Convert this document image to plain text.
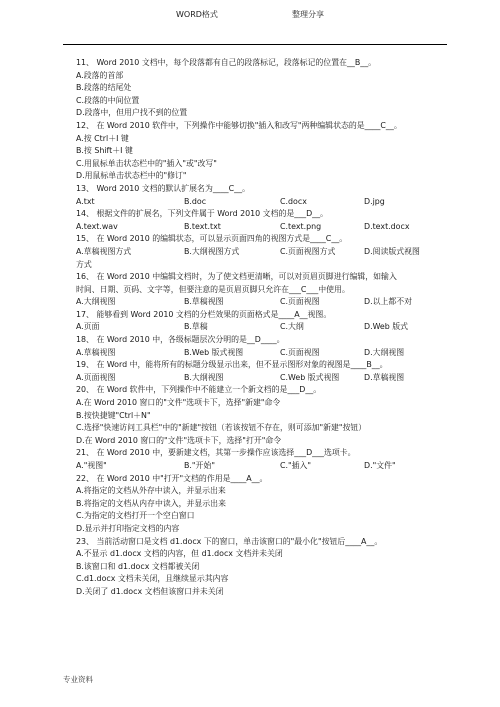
WORD格式	整理分享
11、 Word 2010 文档中，每个段落都有自己的段落标记，段落标记的位置在__B__。
A.段落的首部
B.段落的结尾处
C.段落的中间位置
D.段落中，但用户找不到的位置
12、 在 Word 2010 软件中，下列操作中能够切换"插入和改写"两种编辑状态的是____C__。
A.按 Ctrl＋I 键
B.按 Shift＋I 键
C.用鼠标单击状态栏中的"插入"或"改写"
D.用鼠标单击状态栏中的"修订"
13、 Word 2010 文档的默认扩展名为____C__。
A.txt	B.doc	C.docx	D.jpg
14、 根据文件的扩展名，下列文件属于 Word 2010 文档的是___D__。
A.text.wav	B.text.txt	C.text.png	D.text.docx
15、 在 Word 2010 的编辑状态，可以显示页面四角的视图方式是____C__。
A.草稿视图方式	B.大纲视图方式	C.页面视图方式	D.阅读版式视图
方式
16、 在 Word 2010 中编辑文档时，为了使文档更清晰，可以对页眉页脚进行编辑，如输入
时间、日期、页码、文字等，但要注意的是页眉页脚只允许在___C___中使用。
A.大纲视图	B.草稿视图	C.页面视图	D.以上都不对
17、 能够看到 Word 2010 文档的分栏效果的页面格式是____A__视图。
A.页面	B.草稿	C.大纲	D.Web 版式
18、 在 Word 2010 中，各级标题层次分明的是__D____。
A.草稿视图	B.Web 版式视图	C.页面视图	D.大纲视图
19、 在 Word 中，能将所有的标题分级显示出来，但不显示图形对象的视图是____B__。
A.页面视图	B.大纲视图	C.Web 版式视图	D.草稿视图
20、 在 Word 软件中，下列操作中不能建立一个新文档的是___D__。
A.在 Word 2010 窗口的"文件"选项卡下，选择"新建"命令
B.按快捷键"Ctrl＋N"
C.选择"快速访问工具栏"中的"新建"按钮（若该按钮不存在，则可添加"新建"按钮）
D.在 Word 2010 窗口的"文件"选项卡下，选择"打开"命令
21、 在 Word 2010 中，要新建文档，其第一步操作应该选择___D___选项卡。
A."视图"	B."开始"	C."插入"	D."文件"
22、 在 Word 2010 中"打开"文档的作用是____A__。
A.将指定的文档从外存中读入，并显示出来
B.将指定的文档从内存中读入，并显示出来
C.为指定的文档打开一个空白窗口
D.显示并打印指定文档的内容
23、 当前活动窗口是文档 d1.docx 下的窗口，单击该窗口的"最小化"按钮后____A__。
A.不显示 d1.docx 文档的内容，但 d1.docx 文档并未关闭
B.该窗口和 d1.docx 文档都被关闭
C.d1.docx 文档未关闭，且继续显示其内容
D.关闭了 d1.docx 文档但该窗口并未关闭
专业资料
